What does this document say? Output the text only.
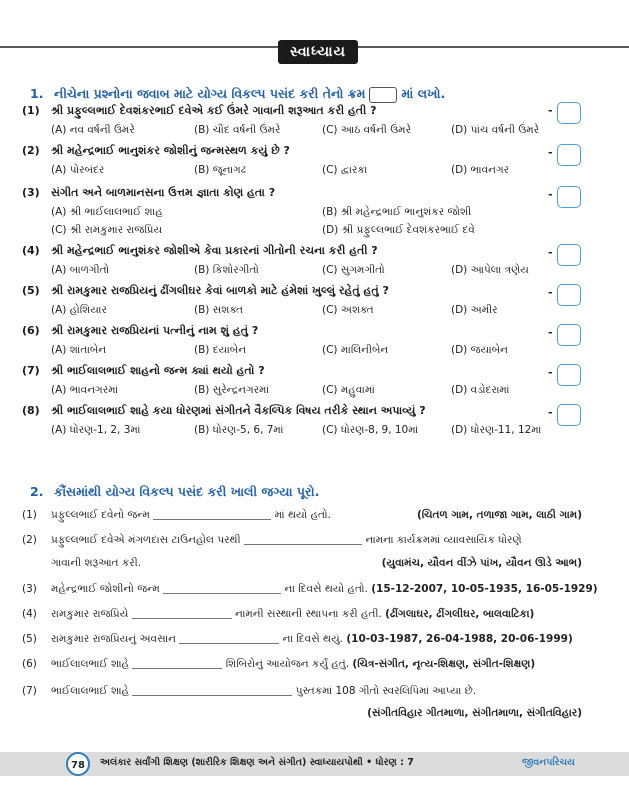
સ્વાધ્યાય
1. નીચેના પ્રશ્નોના જવાબ માટે યોગ્ય વિકલ્પ પસંદ કરી તેનો ક્રમ	માં લખો.
(1) શ્રી પ્રફુલ્લભાઈ દેવશંકરભાઈ દવેએ કઈ ઉંમરે ગાવાની શરૂઆત કરી હતી ?	-
(A) નવ વર્ષની ઉંમરે	(B) ચૌદ વર્ષની ઉંમરે	(C) આઠ વર્ષની ઉંમરે	(D) પાંચ વર્ષની ઉંમરે
(2) શ્રી મહેન્દ્રભાઈ ભાનુશંકર જોશીનું જન્મસ્થળ કયું છે ?	-
(A) પોરબંદર	(B) જૂનાગઢ	(C) દ્વારકા	(D) ભાવનગર
(3) સંગીત અને બાળમાનસના ઉત્તમ જ્ઞાતા કોણ હતા ?	-
(A) શ્રી ભાઈલાલભાઈ શાહ	(B) શ્રી મહેન્દ્રભાઈ ભાનુશંકર જોશી
(C) શ્રી રામકુમાર રાજપ્રિય	(D) શ્રી પ્રફુલ્લભાઈ દેવશંકરભાઈ દવે
(4) શ્રી મહેન્દ્રભાઈ ભાનુશંકર જોશીએ કેવા પ્રકારનાં ગીતોની રચના કરી હતી ?	-
(A) બાળગીતો	(B) કિશોરગીતો	(C) સુગમગીતો	(D) આપેલા ત્રણેય
(5) શ્રી રામકુમાર રાજપ્રિયનું ઢીંગલીઘર કેવાં બાળકો માટે હંમેશાં ખુલ્લું રહેતું હતું ?	-
(A) હોશિયાર	(B) સશક્ત	(C) અશક્ત	(D) અમીર
(6) શ્રી રામકુમાર રાજપ્રિયનાં પત્નીનું નામ શું હતું ?	-
(A) શાંતાબેન	(B) દયાબેન	(C) માલિનીબેન	(D) જયાબેન
(7) શ્રી ભાઈલાલભાઈ શાહનો જન્મ ક્યાં થયો હતો ?	-
(A) ભાવનગરમાં	(B) સુરેન્દ્રનગરમાં	(C) મહુવામાં	(D) વડોદરામાં
(8) શ્રી ભાઈલાલભાઈ શાહે કયા ધોરણમાં સંગીતને વૈકલ્પિક વિષય તરીકે સ્થાન અપાવ્યું ?	-
(A) ધોરણ-1, 2, 3માં	(B) ધોરણ-5, 6, 7માં	(C) ધોરણ-8, 9, 10માં	(D) ધોરણ-11, 12માં
2. કૌંસમાંથી યોગ્ય વિકલ્પ પસંદ કરી ખાલી જગ્યા પૂરો.
(1) પ્રફુલ્લભાઈ દવેનો જન્મ	માં થયો હતો.	(ચિતળ ગામ, તળાજા ગામ, લાઠી ગામ)
(2) પ્રફુલ્લભાઈ દવેએ મંગળદાસ ટાઉનહોલ પરથી	નામના કાર્યક્રમમાં વ્યાવસાયિક ધોરણે
ગાવાની શરૂઆત કરી.	(યુવામંચ, યૌવન વીંઝે પાંખ, યૌવન ઊડે આભ)
(3) મહેન્દ્રભાઈ જોશીનો જન્મ	ના દિવસે થયો હતો. (15-12-2007, 10-05-1935, 16-05-1929)
(4) રામકુમાર રાજપ્રિયે	નામની સંસ્થાની સ્થાપના કરી હતી. (ઢીંગલાઘર, ઢીંગલીઘર, બાલવાટિકા)
(5) રામકુમાર રાજપ્રિયનું અવસાન	ના દિવસે થયું. (10-03-1987, 26-04-1988, 20-06-1999)
(6) ભાઈલાલભાઈ શાહે	શિબિરોનું આયોજન કર્યું હતું. (ચિત્ર-સંગીત, નૃત્ય-શિક્ષણ, સંગીત-શિક્ષણ)
(7) ભાઈલાલભાઈ શાહે	પુસ્તકમાં 108 ગીતો સ્વરલિપિમાં આપ્યા છે.
(સંગીતવિહાર ગીતમાળા, સંગીતમાળા, સંગીતવિહાર)
78	અલંકાર સર્વાંગી શિક્ષણ (શારીરિક શિક્ષણ અને સંગીત) સ્વાધ્યાયપોથી • ધોરણ : 7	જીવનપરિચય
